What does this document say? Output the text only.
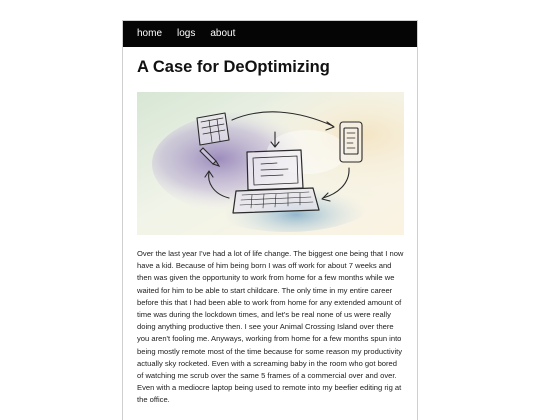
home logs about
A Case for DeOptimizing

Over the last year I've had a lot of life change. The biggest one being that I now have a kid. Because of him being born I was off work for about 7 weeks and then was given the opportunity to work from home for a few months while we waited for him to be able to start childcare. The only time in my entire career before this that I had been able to work from home for any extended amount of time was during the lockdown times, and let's be real none of us were really doing anything productive then. I see your Animal Crossing Island over there you aren't fooling me. Anyways, working from home for a few months spun into being mostly remote most of the time because for some reason my productivity actually sky rocketed. Even with a screaming baby in the room who got bored of watching me scrub over the same 5 frames of a commercial over and over. Even with a mediocre laptop being used to remote into my beefier editing rig at the office.
